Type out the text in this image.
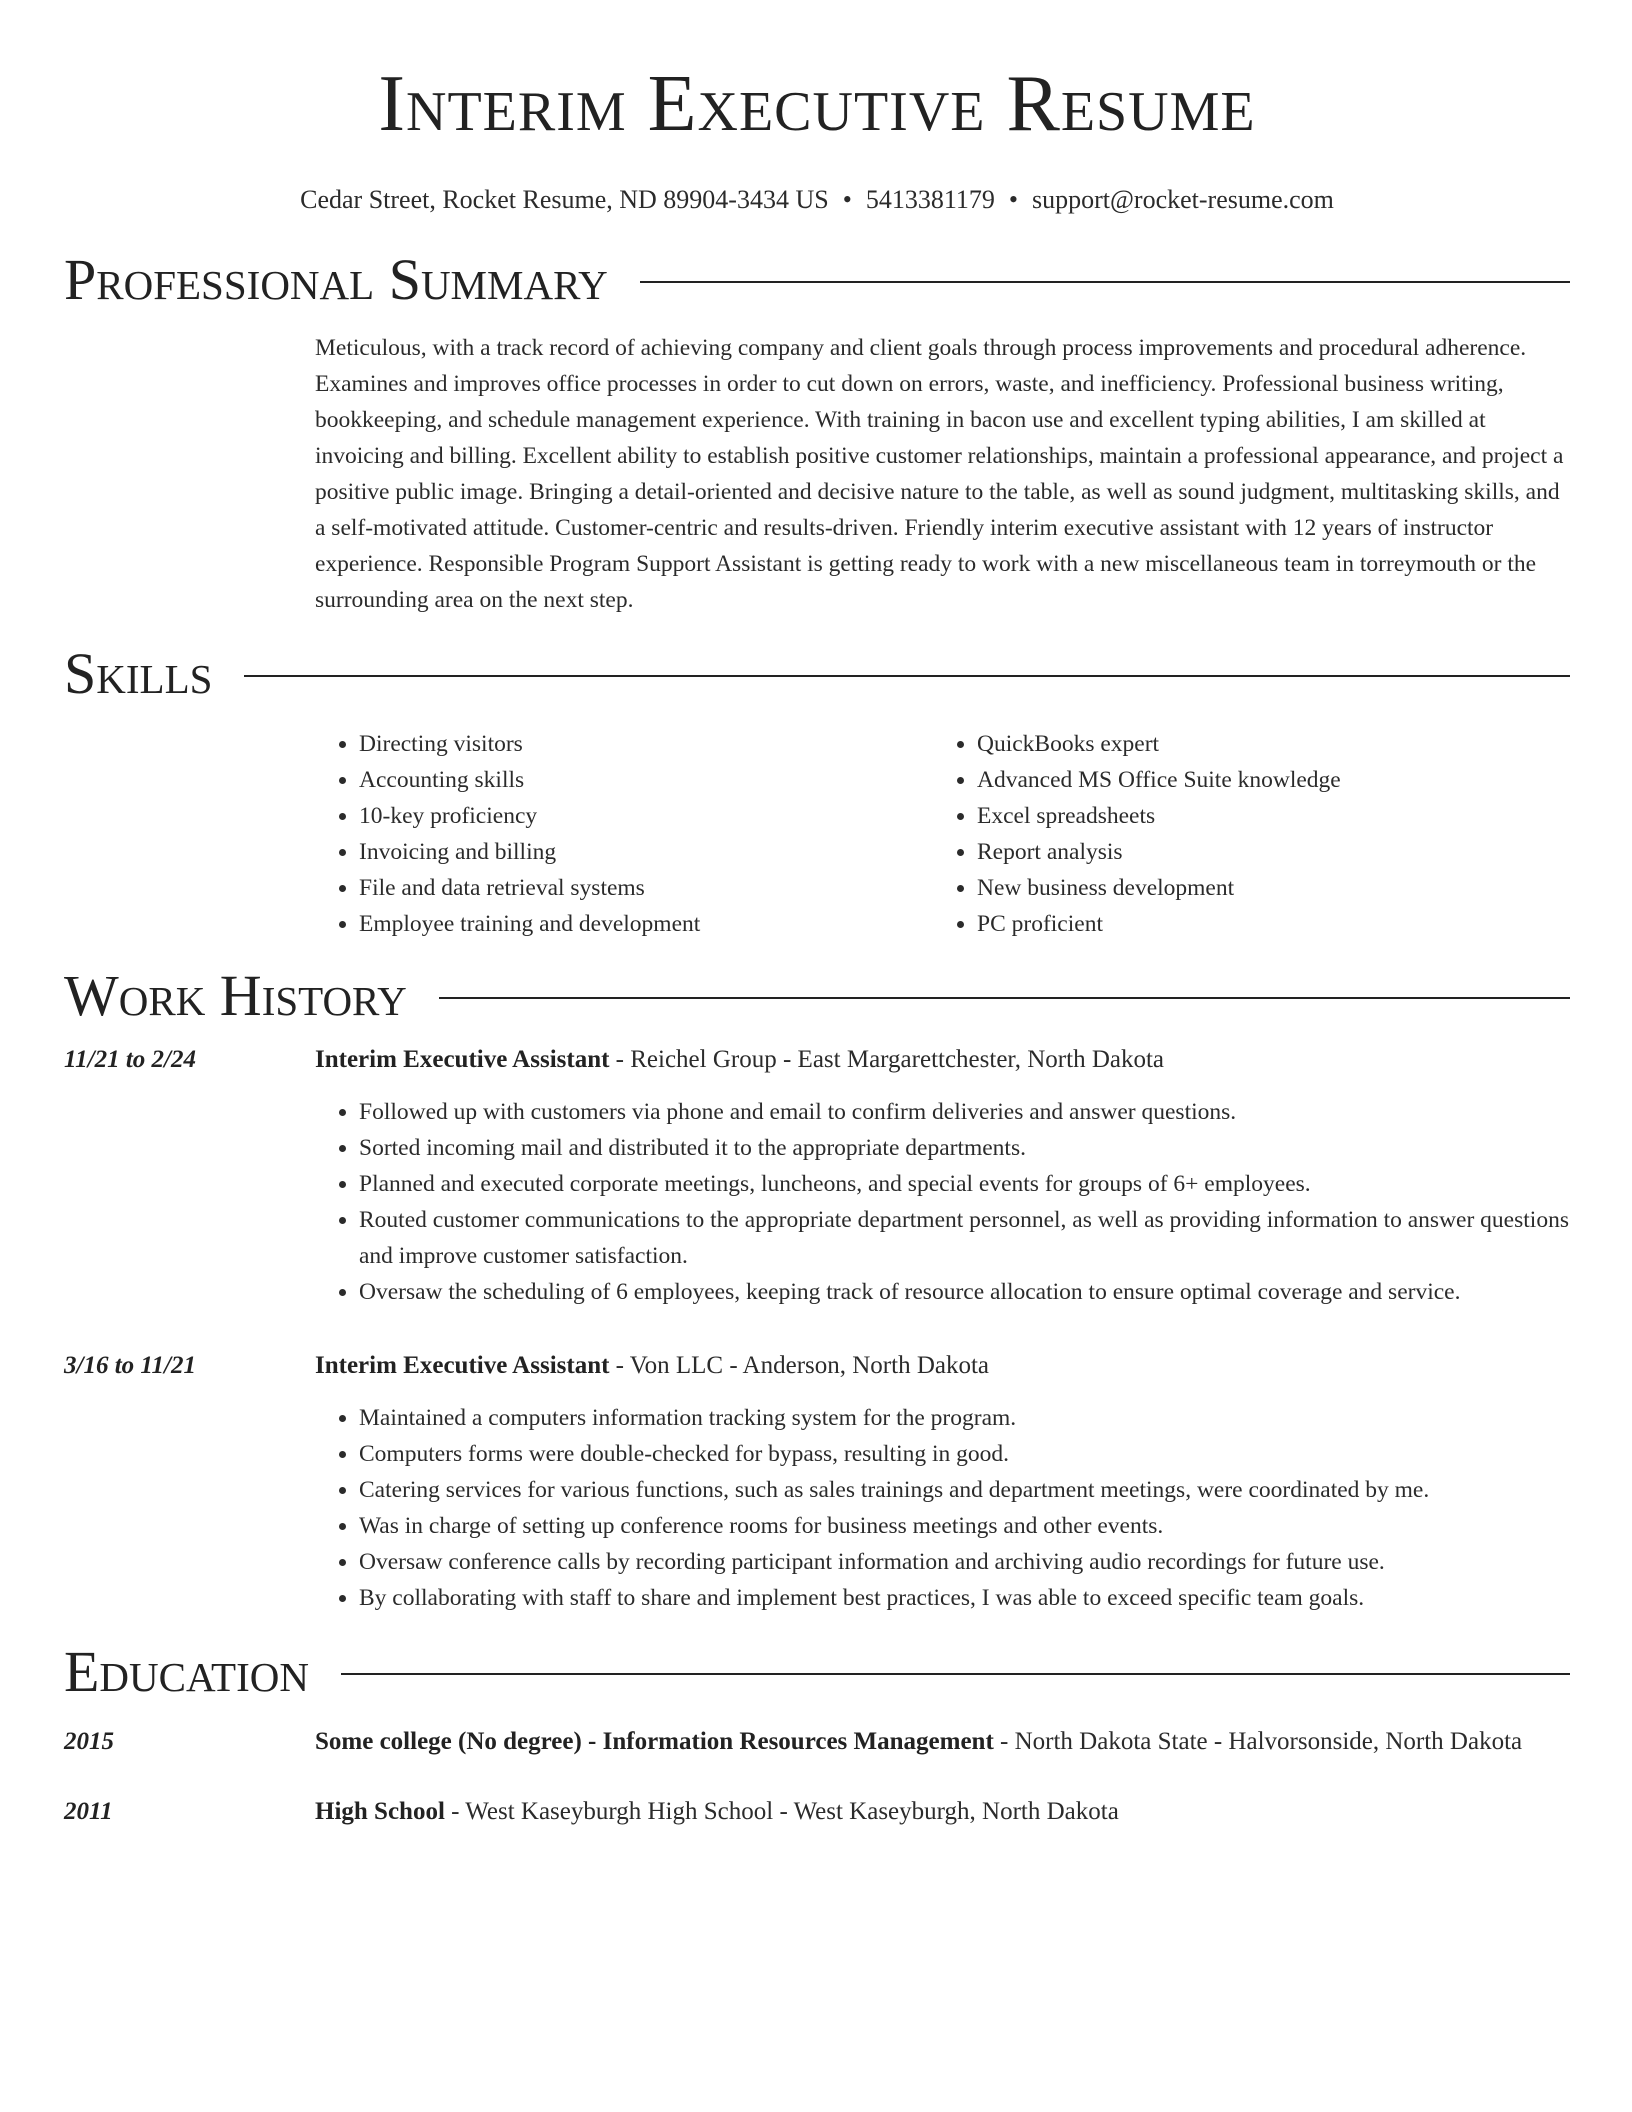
Interim Executive Resume
Cedar Street, Rocket Resume, ND 89904-3434 US • 5413381179 • support@rocket-resume.com
Professional Summary

Meticulous, with a track record of achieving company and client goals through process improvements and procedural adherence. Examines and improves office processes in order to cut down on errors, waste, and inefficiency. Professional business writing, bookkeeping, and schedule management experience. With training in bacon use and excellent typing abilities, I am skilled at invoicing and billing. Excellent ability to establish positive customer relationships, maintain a professional appearance, and project a positive public image. Bringing a detail-oriented and decisive nature to the table, as well as sound judgment, multitasking skills, and a self-motivated attitude. Customer-centric and results-driven. Friendly interim executive assistant with 12 years of instructor experience. Responsible Program Support Assistant is getting ready to work with a new miscellaneous team in torreymouth or the surrounding area on the next step.

Skills
• Directing visitors
• Accounting skills
• 10-key proficiency
• Invoicing and billing
• File and data retrieval systems
• Employee training and development
• QuickBooks expert
• Advanced MS Office Suite knowledge
• Excel spreadsheets
• Report analysis
• New business development
• PC proficient
Work History
11/21 to 2/24	Interim Executive Assistant - Reichel Group - East Margarettchester, North Dakota
• Followed up with customers via phone and email to confirm deliveries and answer questions.
• Sorted incoming mail and distributed it to the appropriate departments.
• Planned and executed corporate meetings, luncheons, and special events for groups of 6+ employees.
• Routed customer communications to the appropriate department personnel, as well as providing information to answer questions and improve customer satisfaction.
• Oversaw the scheduling of 6 employees, keeping track of resource allocation to ensure optimal coverage and service.
3/16 to 11/21	Interim Executive Assistant - Von LLC - Anderson, North Dakota
• Maintained a computers information tracking system for the program.
• Computers forms were double-checked for bypass, resulting in good.
• Catering services for various functions, such as sales trainings and department meetings, were coordinated by me.
• Was in charge of setting up conference rooms for business meetings and other events.
• Oversaw conference calls by recording participant information and archiving audio recordings for future use.
• By collaborating with staff to share and implement best practices, I was able to exceed specific team goals.
Education
2015	Some college (No degree) - Information Resources Management - North Dakota State - Halvorsonside, North Dakota
2011	High School - West Kaseyburgh High School - West Kaseyburgh, North Dakota
